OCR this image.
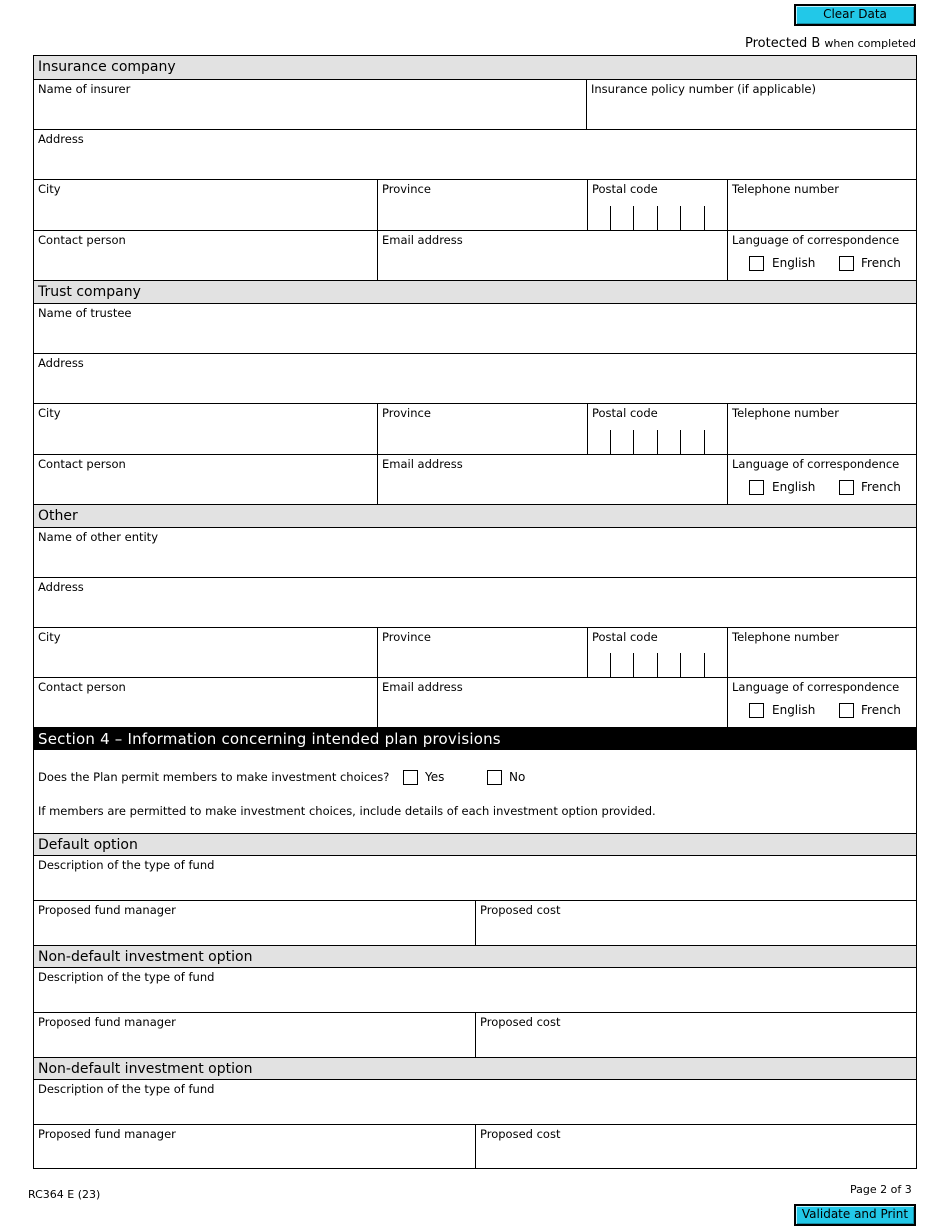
Clear Data
Protected B when completed
Insurance company
Name of insurer	Insurance policy number (if applicable)
Address
City	Province	Postal code	Telephone number
Contact person	Email address	Language of correspondence
English	French
Trust company
Name of trustee
Address
City	Province	Postal code	Telephone number
Contact person	Email address	Language of correspondence
English	French
Other
Name of other entity
Address
City	Province	Postal code	Telephone number
Contact person	Email address	Language of correspondence
English	French
Section 4 – Information concerning intended plan provisions
Does the Plan permit members to make investment choices?	Yes	No
If members are permitted to make investment choices, include details of each investment option provided.
Default option
Description of the type of fund
Proposed fund manager	Proposed cost
Non-default investment option
Description of the type of fund
Proposed fund manager	Proposed cost
Non-default investment option
Description of the type of fund
Proposed fund manager	Proposed cost
RC364 E (23)	Page 2 of 3
Validate and Print
